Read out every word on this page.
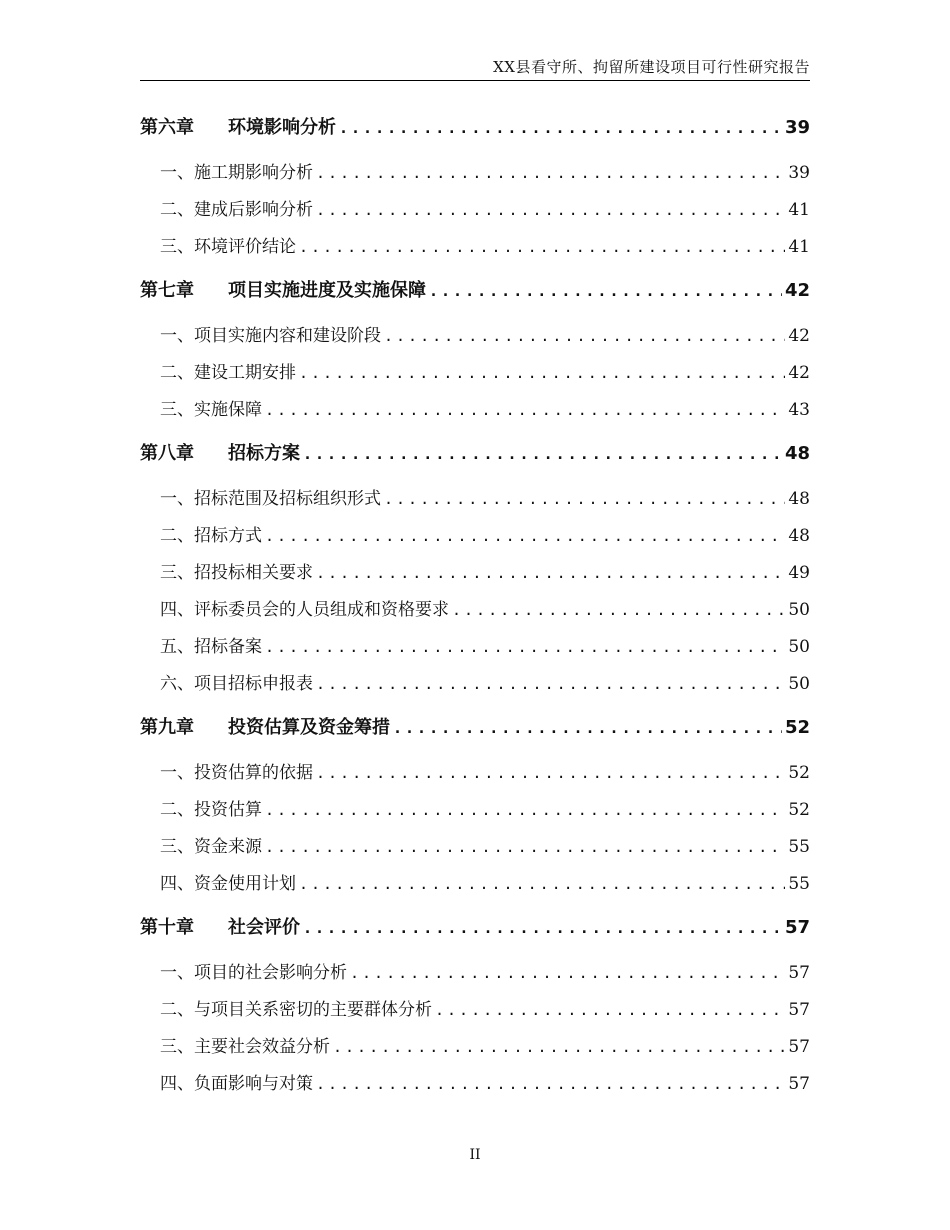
XX县看守所、拘留所建设项目可行性研究报告
第六章	环境影响分析 .....	39
一、施工期影响分析 .....	39
二、建成后影响分析 .....	41
三、环境评价结论 .....	41
第七章	项目实施进度及实施保障 .....	42
一、项目实施内容和建设阶段 .....	42
二、建设工期安排 .....	42
三、实施保障 .....	43
第八章	招标方案 .....	48
一、招标范围及招标组织形式 .....	48
二、招标方式 .....	48
三、招投标相关要求 .....	49
四、评标委员会的人员组成和资格要求 .....	50
五、招标备案 .....	50
六、项目招标申报表 .....	50
第九章	投资估算及资金筹措 .....	52
一、投资估算的依据 .....	52
二、投资估算 .....	52
三、资金来源 .....	55
四、资金使用计划 .....	55
第十章	社会评价 .....	57
一、项目的社会影响分析 .....	57
二、与项目关系密切的主要群体分析 .....	57
三、主要社会效益分析 .....	57
四、负面影响与对策 .....	57
II
